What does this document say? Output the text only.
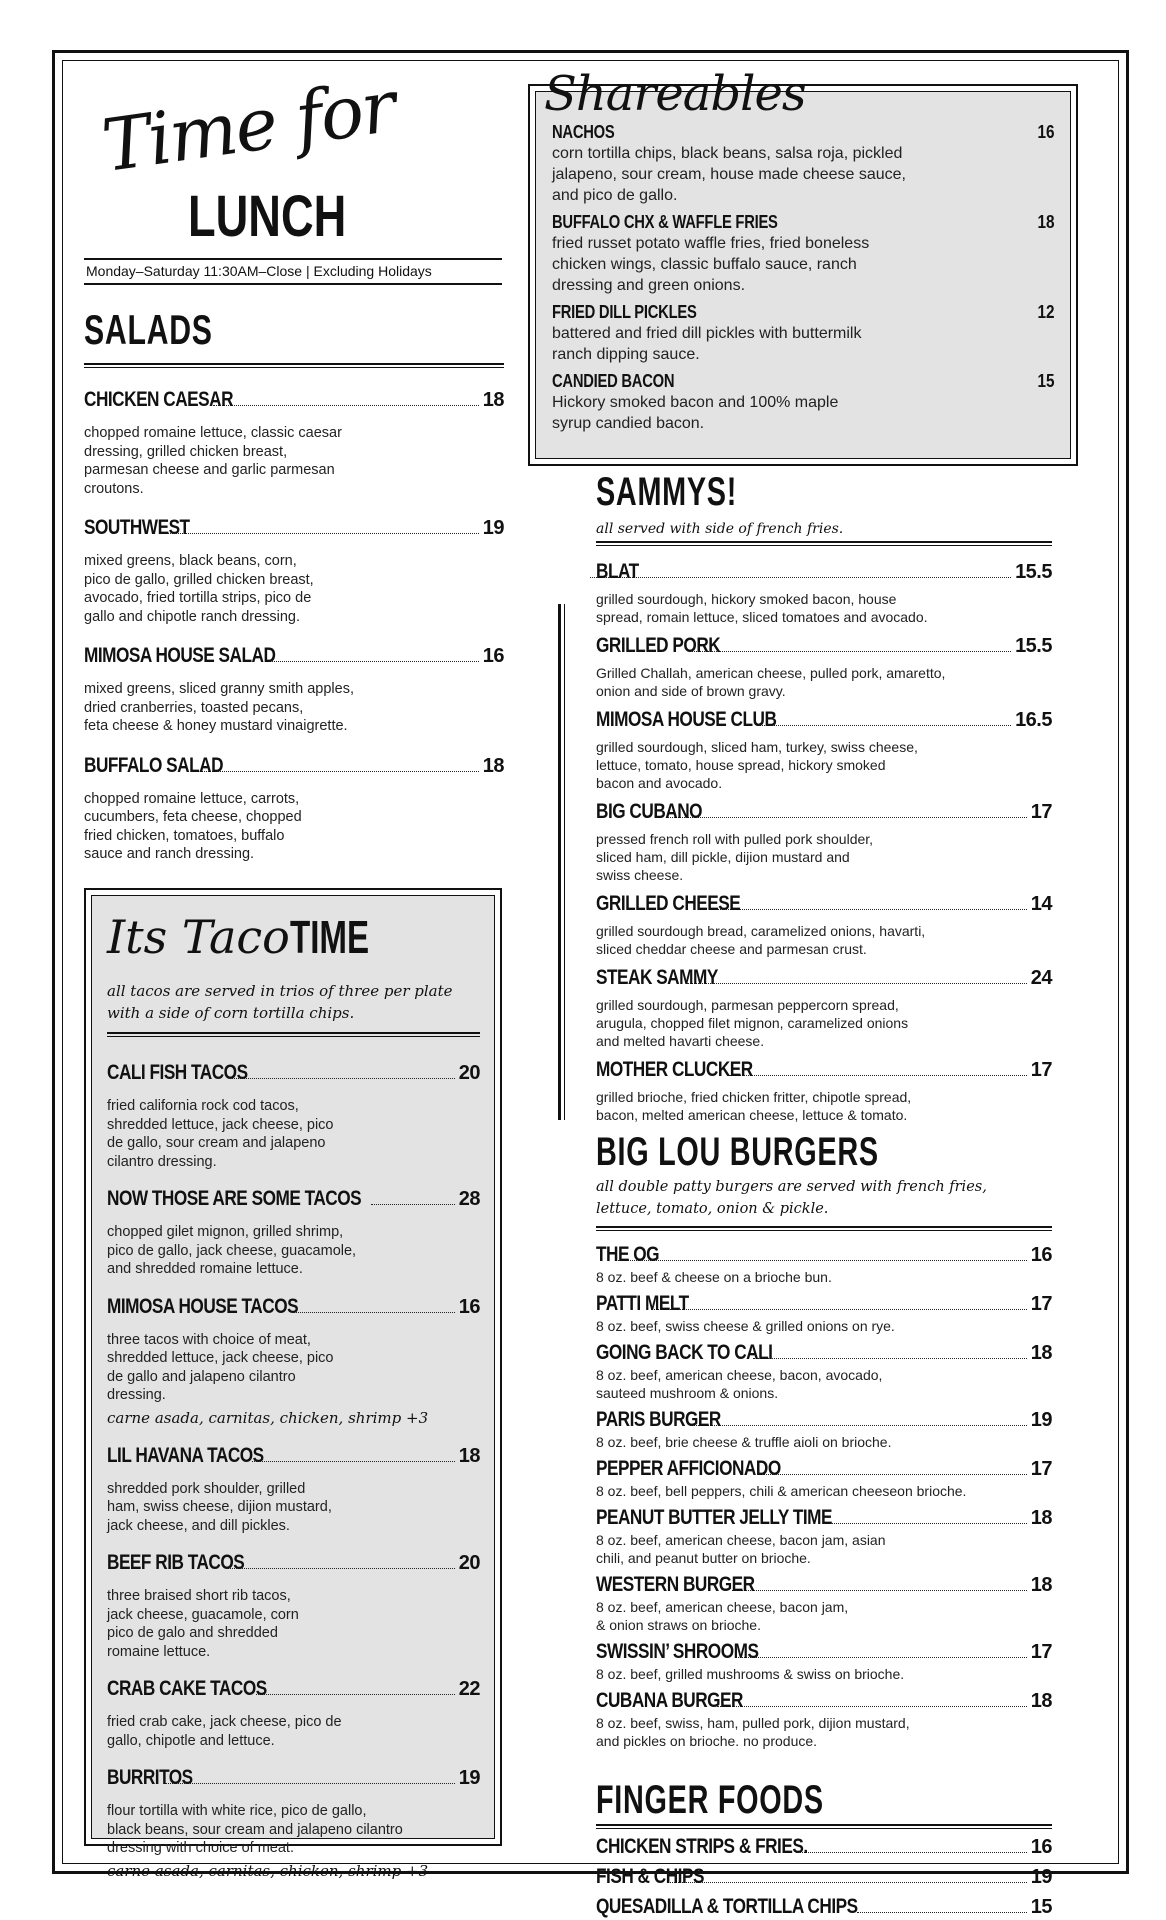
Time for
LUNCH
Monday–Saturday 11:30AM–Close | Excluding Holidays
SALADS
CHICKEN CAESAR	18
chopped romaine lettuce, classic caesar
dressing, grilled chicken breast,
parmesan cheese and garlic parmesan
croutons.
SOUTHWEST	19
mixed greens, black beans, corn,
pico de gallo, grilled chicken breast,
avocado, fried tortilla strips, pico de
gallo and chipotle ranch dressing.
MIMOSA HOUSE SALAD	16
mixed greens, sliced granny smith apples,
dried cranberries, toasted pecans,
feta cheese & honey mustard vinaigrette.
BUFFALO SALAD	18
chopped romaine lettuce, carrots,
cucumbers, feta cheese, chopped
fried chicken, tomatoes, buffalo
sauce and ranch dressing.
Its TacoTIME
all tacos are served in trios of three per plate
with a side of corn tortilla chips.
CALI FISH TACOS	20
fried california rock cod tacos,
shredded lettuce, jack cheese, pico
de gallo, sour cream and jalapeno
cilantro dressing.
NOW THOSE ARE SOME TACOS	28
chopped gilet mignon, grilled shrimp,
pico de gallo, jack cheese, guacamole,
and shredded romaine lettuce.
MIMOSA HOUSE TACOS	16
three tacos with choice of meat,
shredded lettuce, jack cheese, pico
de gallo and jalapeno cilantro
dressing.
carne asada, carnitas, chicken, shrimp +3
LIL HAVANA TACOS	18
shredded pork shoulder, grilled
ham, swiss cheese, dijion mustard,
jack cheese, and dill pickles.
BEEF RIB TACOS	20
three braised short rib tacos,
jack cheese, guacamole, corn
pico de galo and shredded
romaine lettuce.
CRAB CAKE TACOS	22
fried crab cake, jack cheese, pico de
gallo, chipotle and lettuce.
BURRITOS	19
flour tortilla with white rice, pico de gallo,
black beans, sour cream and jalapeno cilantro
dressing with choice of meat.
carne asada, carnitas, chicken, shrimp +3
Shareables
NACHOS	16
corn tortilla chips, black beans, salsa roja, pickled
jalapeno, sour cream, house made cheese sauce,
and pico de gallo.
BUFFALO CHX & WAFFLE FRIES	18
fried russet potato waffle fries, fried boneless
chicken wings, classic buffalo sauce, ranch
dressing and green onions.
FRIED DILL PICKLES	12
battered and fried dill pickles with buttermilk
ranch dipping sauce.
CANDIED BACON	15
Hickory smoked bacon and 100% maple
syrup candied bacon.
SAMMYS!
all served with side of french fries.
BLAT	15.5
grilled sourdough, hickory smoked bacon, house
spread, romain lettuce, sliced tomatoes and avocado.
GRILLED PORK	15.5
Grilled Challah, american cheese, pulled pork, amaretto,
onion and side of brown gravy.
MIMOSA HOUSE CLUB	16.5
grilled sourdough, sliced ham, turkey, swiss cheese,
lettuce, tomato, house spread, hickory smoked
bacon and avocado.
BIG CUBANO	17
pressed french roll with pulled pork shoulder,
sliced ham, dill pickle, dijion mustard and
swiss cheese.
GRILLED CHEESE	14
grilled sourdough bread, caramelized onions, havarti,
sliced cheddar cheese and parmesan crust.
STEAK SAMMY	24
grilled sourdough, parmesan peppercorn spread,
arugula, chopped filet mignon, caramelized onions
and melted havarti cheese.
MOTHER CLUCKER	17
grilled brioche, fried chicken fritter, chipotle spread,
bacon, melted american cheese, lettuce & tomato.
BIG LOU BURGERS
all double patty burgers are served with french fries,
lettuce, tomato, onion & pickle.
THE OG	16
8 oz. beef & cheese on a brioche bun.
PATTI MELT	17
8 oz. beef, swiss cheese & grilled onions on rye.
GOING BACK TO CALI	18
8 oz. beef, american cheese, bacon, avocado,
sauteed mushroom & onions.
PARIS BURGER	19
8 oz. beef, brie cheese & truffle aioli on brioche.
PEPPER AFFICIONADO	17
8 oz. beef, bell peppers, chili & american cheeseon brioche.
PEANUT BUTTER JELLY TIME	18
8 oz. beef, american cheese, bacon jam, asian
chili, and peanut butter on brioche.
WESTERN BURGER	18
8 oz. beef, american cheese, bacon jam,
& onion straws on brioche.
SWISSIN’ SHROOMS	17
8 oz. beef, grilled mushrooms & swiss on brioche.
CUBANA BURGER	18
8 oz. beef, swiss, ham, pulled pork, dijion mustard,
and pickles on brioche. no produce.
FINGER FOODS
CHICKEN STRIPS & FRIES.	16
FISH & CHIPS	19
QUESADILLA & TORTILLA CHIPS	15
